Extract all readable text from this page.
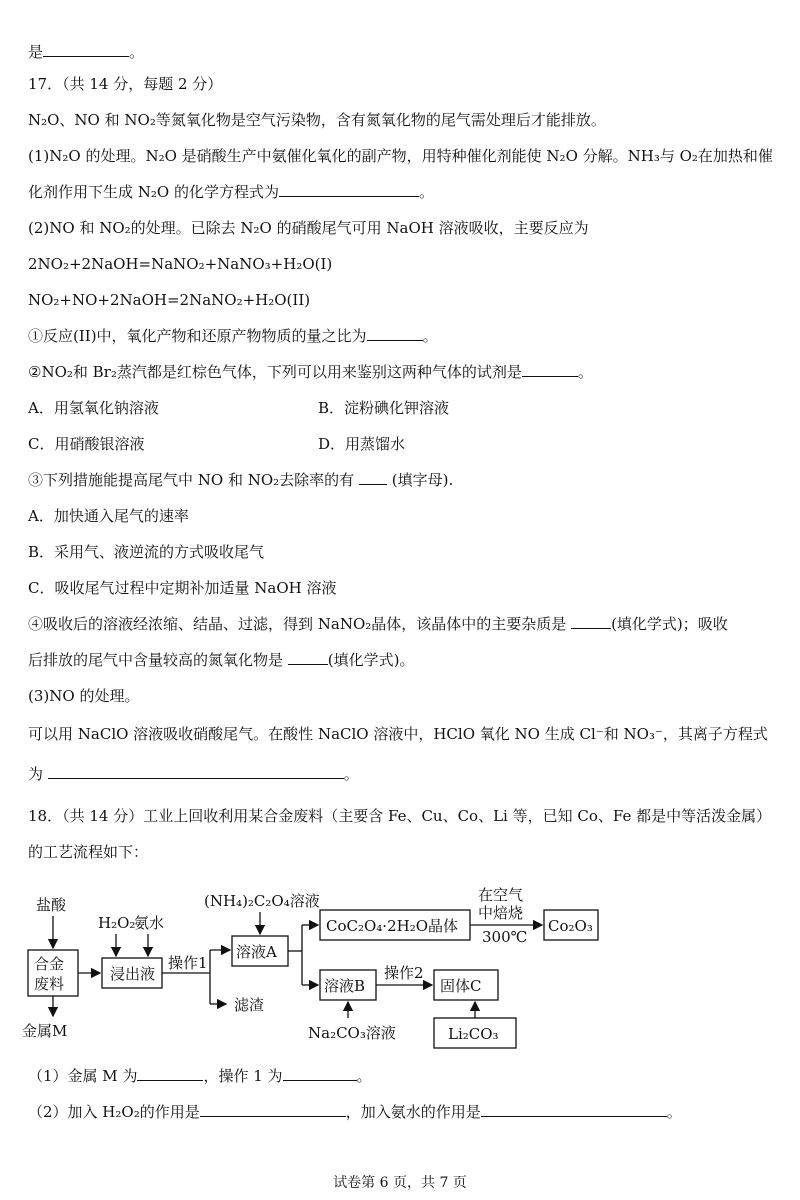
是	。
17．（共 14 分，每题 2 分）
N₂O、NO 和 NO₂等氮氧化物是空气污染物，含有氮氧化物的尾气需处理后才能排放。
(1)N₂O 的处理。N₂O 是硝酸生产中氨催化氧化的副产物，用特种催化剂能使 N₂O 分解。NH₃与 O₂在加热和催
化剂作用下生成 N₂O 的化学方程式为	。
(2)NO 和 NO₂的处理。已除去 N₂O 的硝酸尾气可用 NaOH 溶液吸收，主要反应为
2NO₂+2NaOH=NaNO₂+NaNO₃+H₂O(I)
NO₂+NO+2NaOH=2NaNO₂+H₂O(II)
①反应(II)中，氧化产物和还原产物物质的量之比为	。
②NO₂和 Br₂蒸汽都是红棕色气体，下列可以用来鉴别这两种气体的试剂是	。
A．用氢氧化钠溶液	B．淀粉碘化钾溶液
C．用硝酸银溶液	D．用蒸馏水
③下列措施能提高尾气中 NO 和 NO₂去除率的有	(填字母).
A．加快通入尾气的速率
B．采用气、液逆流的方式吸收尾气
C．吸收尾气过程中定期补加适量 NaOH 溶液
④吸收后的溶液经浓缩、结晶、过滤，得到 NaNO₂晶体，该晶体中的主要杂质是	(填化学式)；吸收
后排放的尾气中含量较高的氮氧化物是	(填化学式)。
(3)NO 的处理。
可以用 NaClO 溶液吸收硝酸尾气。在酸性 NaClO 溶液中，HClO 氧化 NO 生成 Cl⁻和 NO₃⁻，其离子方程式
为	。
18．（共 14 分）工业上回收利用某合金废料（主要含 Fe、Cu、Co、Li 等，已知 Co、Fe 都是中等活泼金属）
的工艺流程如下：
盐酸
合金
废料
金属M
H₂O₂
氨水
浸出液
操作1
(NH₄)₂C₂O₄溶液
溶液A
滤渣
CoC₂O₄·2H₂O晶体
在空气
中焙烧
300℃
Co₂O₃
溶液B
操作2
固体C
Na₂CO₃溶液	Li₂CO₃
（1）金属 M 为	，操作 1 为	。
（2）加入 H₂O₂的作用是	，加入氨水的作用是	。
试卷第 6 页，共 7 页
